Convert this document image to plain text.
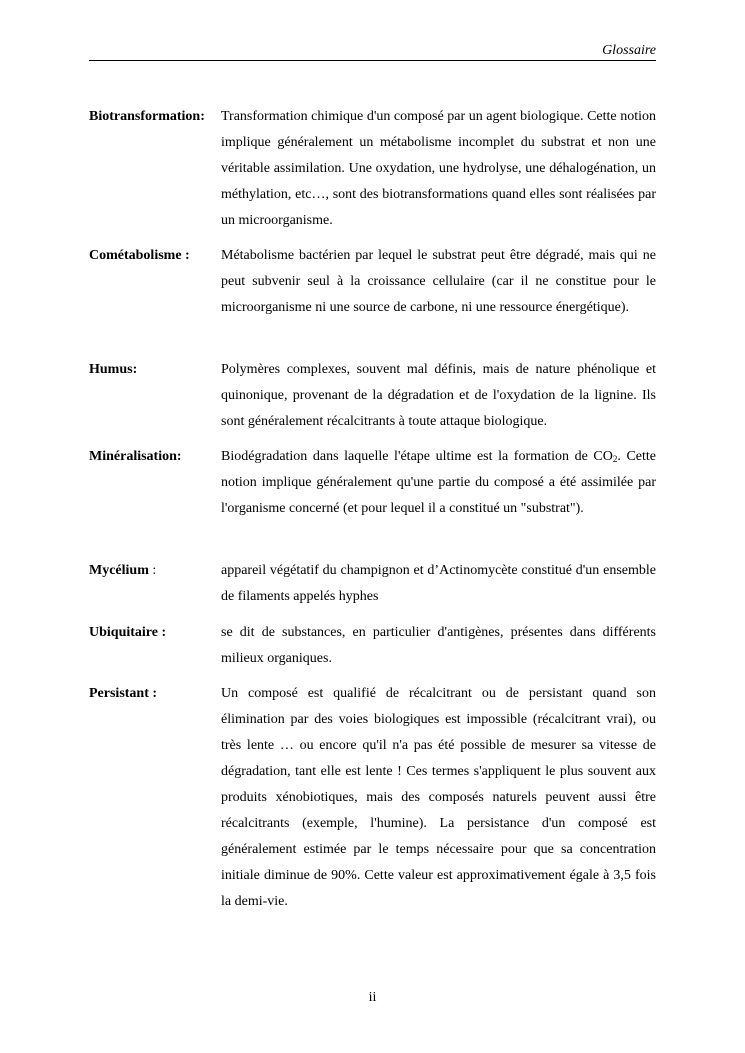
Glossaire
Biotransformation:	Transformation chimique d'un composé par un agent biologique. Cette notion implique généralement un métabolisme incomplet du substrat et non une véritable assimilation. Une oxydation, une hydrolyse, une déhalogénation, un méthylation, etc…, sont des biotransformations quand elles sont réalisées par un microorganisme.
Cométabolisme :	Métabolisme bactérien par lequel le substrat peut être dégradé, mais qui ne peut subvenir seul à la croissance cellulaire (car il ne constitue pour le microorganisme ni une source de carbone, ni une ressource énergétique).
Humus:	Polymères complexes, souvent mal définis, mais de nature phénolique et quinonique, provenant de la dégradation et de l'oxydation de la lignine. Ils sont généralement récalcitrants à toute attaque biologique.
Minéralisation:	Biodégradation dans laquelle l'étape ultime est la formation de $CO_2$. Cette notion implique généralement qu'une partie du composé a été assimilée par l'organisme concerné (et pour lequel il a constitué un "substrat").
Mycélium :	appareil végétatif du champignon et d’Actinomycète constitué d'un ensemble de filaments appelés hyphes
Ubiquitaire :	se dit de substances, en particulier d'antigènes, présentes dans différents milieux organiques.
Persistant :	Un composé est qualifié de récalcitrant ou de persistant quand son élimination par des voies biologiques est impossible (récalcitrant vrai), ou très lente … ou encore qu'il n'a pas été possible de mesurer sa vitesse de dégradation, tant elle est lente ! Ces termes s'appliquent le plus souvent aux produits xénobiotiques, mais des composés naturels peuvent aussi être récalcitrants (exemple, l'humine). La persistance d'un composé est généralement estimée par le temps nécessaire pour que sa concentration initiale diminue de 90%. Cette valeur est approximativement égale à 3,5 fois la demi-vie.
ii
